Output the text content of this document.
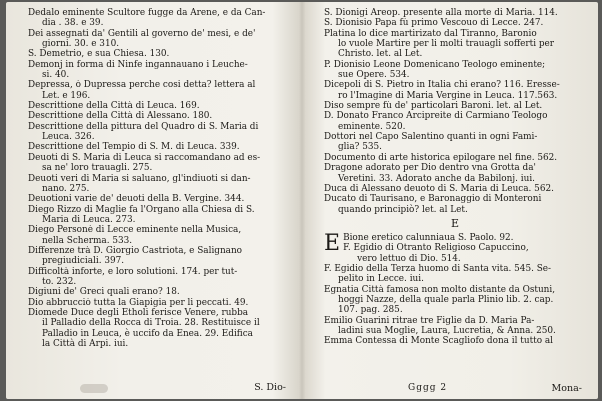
Dedalo eminente Scultore fugge da Arene, e da Can-
dia . 38. e 39.
Dei assegnati da' Gentili al governo de' mesi, e de'
giorni. 30. e 310.
S. Demetrio, e sua Chiesa. 130.
Demonj in forma di Ninfe ingannauano i Leuche-
si. 40.
Depressa, ò Dupressa perche cosi detta? lettera al
Let. e 196.
Descrittione della Città di Leuca. 169.
Descrittione della Città di Alessano. 180.
Descrittione della pittura del Quadro di S. Maria di
Leuca. 326.
Descrittione del Tempio di S. M. di Leuca. 339.
Deuoti di S. Maria di Leuca si raccomandano ad es-
sa ne' loro trauagli. 275.
Deuoti veri di Maria si saluano, gl'indiuoti si dan-
nano. 275.
Deuotioni varie de' deuoti della B. Vergine. 344.
Diego Rizzo di Maglie fa l'Organo alla Chiesa di S.
Maria di Leuca. 273.
Diego Personè di Lecce eminente nella Musica,
nella Scherma. 533.
Differenze trà D. Giorgio Castriota, e Salignano
pregiudiciali. 397.
Difficoltà inforte, e loro solutioni. 174. per tut-
to. 232.
Digiuni de' Greci quali erano? 18.
Dio abbrucciò tutta la Giapigia per li peccati. 49.
Diomede Duce degli Etholi ferisce Venere, rubba
il Palladio della Rocca di Troia. 28. Restituisce il
Palladio in Leuca, è uccifo da Enea. 29. Edifica
la Città di Arpi. iui.
S. Dio-
S. Dionigi Areop. presente alla morte di Maria. 114.
S. Dionisio Papa fù primo Vescouo di Lecce. 247.
Platina lo dice martirizato dal Tiranno, Baronio
lo vuole Martire per li molti trauagli sofferti per
Christo. let. al Let.
P. Dionisio Leone Domenicano Teologo eminente;
sue Opere. 534.
Dicepoli di S. Pietro in Italia chi erano? 116. Eresse-
ro l'Imagine di Maria Vergine in Leuca. 117.563.
Diso sempre fù de' particolari Baroni. let. al Let.
D. Donato Franco Arcipreite di Carmiano Teologo
eminente. 520.
Dottori nel Capo Salentino quanti in ogni Fami-
glia? 535.
Documento di arte historica epilogare nel fine. 562.
Dragone adorato per Dio dentro vna Grotta da'
Veretini. 33. Adorato anche da Babilonj. iui.
Duca di Alessano deuoto di S. Maria di Leuca. 562.
Ducato di Taurisano, e Baronaggio di Monteroni
quando principiò? let. al Let.
E
E Bione eretico calunniaua S. Paolo. 92.
F. Egidio di Otranto Religioso Capuccino,
vero lettuo di Dio. 514.
F. Egidio della Terza huomo di Santa vita. 545. Se-
pelito in Lecce. iui.
Egnatia Città famosa non molto distante da Ostuni,
hoggi Nazze, della quale parla Plinio lib. 2. cap.
107. pag. 285.
Emilio Guarini ritrae tre Figlie da D. Maria Pa-
ladini sua Moglie, Laura, Lucretia, & Anna. 250.
Emma Contessa di Monte Scagliofo dona il tutto al
Gggg 2	Mona-
